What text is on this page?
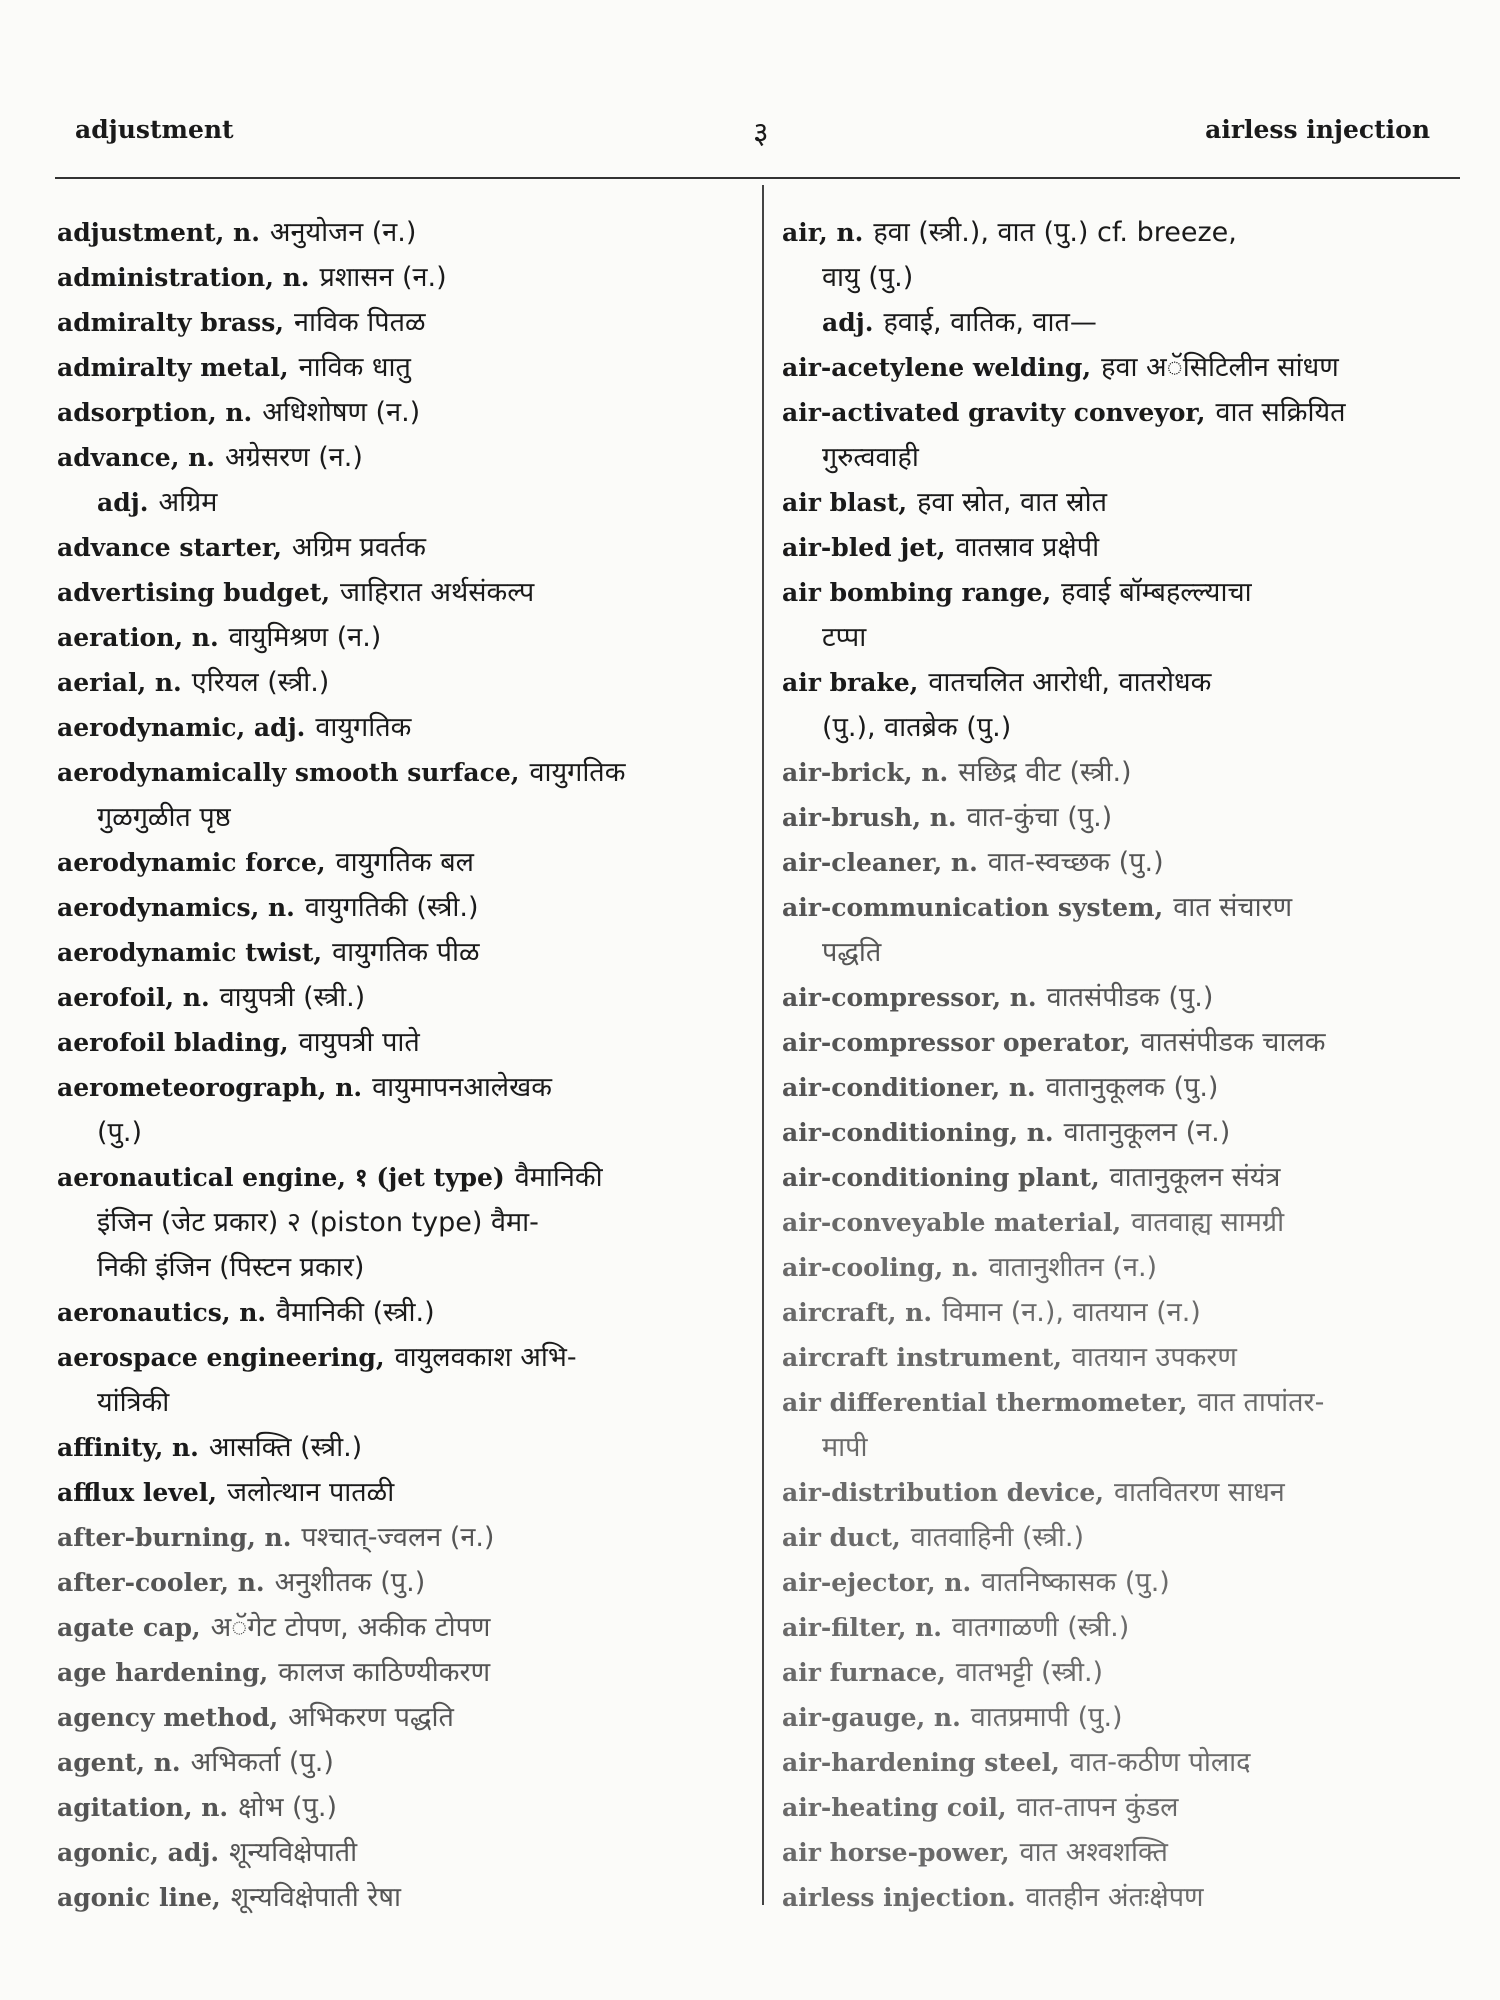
adjustment	३	airless injection
adjustment, n. अनुयोजन (न.)
administration, n. प्रशासन (न.)
admiralty brass, नाविक पितळ
admiralty metal, नाविक धातु
adsorption, n. अधिशोषण (न.)
advance, n. अग्रेसरण (न.)
adj. अग्रिम
advance starter, अग्रिम प्रवर्तक
advertising budget, जाहिरात अर्थसंकल्प
aeration, n. वायुमिश्रण (न.)
aerial, n. एरियल (स्त्री.)
aerodynamic, adj. वायुगतिक
aerodynamically smooth surface, वायुगतिक
गुळगुळीत पृष्ठ
aerodynamic force, वायुगतिक बल
aerodynamics, n. वायुगतिकी (स्त्री.)
aerodynamic twist, वायुगतिक पीळ
aerofoil, n. वायुपत्री (स्त्री.)
aerofoil blading, वायुपत्री पाते
aerometeorograph, n. वायुमापनआलेखक
(पु.)
aeronautical engine, १ (jet type) वैमानिकी
इंजिन (जेट प्रकार) २ (piston type) वैमा-
निकी इंजिन (पिस्टन प्रकार)
aeronautics, n. वैमानिकी (स्त्री.)
aerospace engineering, वायुलवकाश अभि-
यांत्रिकी
affinity, n. आसक्ति (स्त्री.)
afflux level, जलोत्थान पातळी
after-burning, n. पश्चात्-ज्वलन (न.)
after-cooler, n. अनुशीतक (पु.)
agate cap, अॅगेट टोपण, अकीक टोपण
age hardening, कालज काठिण्यीकरण
agency method, अभिकरण पद्धति
agent, n. अभिकर्ता (पु.)
agitation, n. क्षोभ (पु.)
agonic, adj. शून्यविक्षेपाती
agonic line, शून्यविक्षेपाती रेषा
air, n. हवा (स्त्री.), वात (पु.) cf. breeze,
वायु (पु.)
adj. हवाई, वातिक, वात—
air-acetylene welding, हवा अॅसिटिलीन सांधण
air-activated gravity conveyor, वात सक्रियित
गुरुत्ववाही
air blast, हवा स्रोत, वात स्रोत
air-bled jet, वातस्राव प्रक्षेपी
air bombing range, हवाई बॉम्बहल्ल्याचा
टप्पा
air brake, वातचलित आरोधी, वातरोधक
(पु.), वातब्रेक (पु.)
air-brick, n. सछिद्र वीट (स्त्री.)
air-brush, n. वात-कुंचा (पु.)
air-cleaner, n. वात-स्वच्छक (पु.)
air-communication system, वात संचारण
पद्धति
air-compressor, n. वातसंपीडक (पु.)
air-compressor operator, वातसंपीडक चालक
air-conditioner, n. वातानुकूलक (पु.)
air-conditioning, n. वातानुकूलन (न.)
air-conditioning plant, वातानुकूलन संयंत्र
air-conveyable material, वातवाह्य सामग्री
air-cooling, n. वातानुशीतन (न.)
aircraft, n. विमान (न.), वातयान (न.)
aircraft instrument, वातयान उपकरण
air differential thermometer, वात तापांतर-
मापी
air-distribution device, वातवितरण साधन
air duct, वातवाहिनी (स्त्री.)
air-ejector, n. वातनिष्कासक (पु.)
air-filter, n. वातगाळणी (स्त्री.)
air furnace, वातभट्टी (स्त्री.)
air-gauge, n. वातप्रमापी (पु.)
air-hardening steel, वात-कठीण पोलाद
air-heating coil, वात-तापन कुंडल
air horse-power, वात अश्वशक्ति
airless injection. वातहीन अंतःक्षेपण
